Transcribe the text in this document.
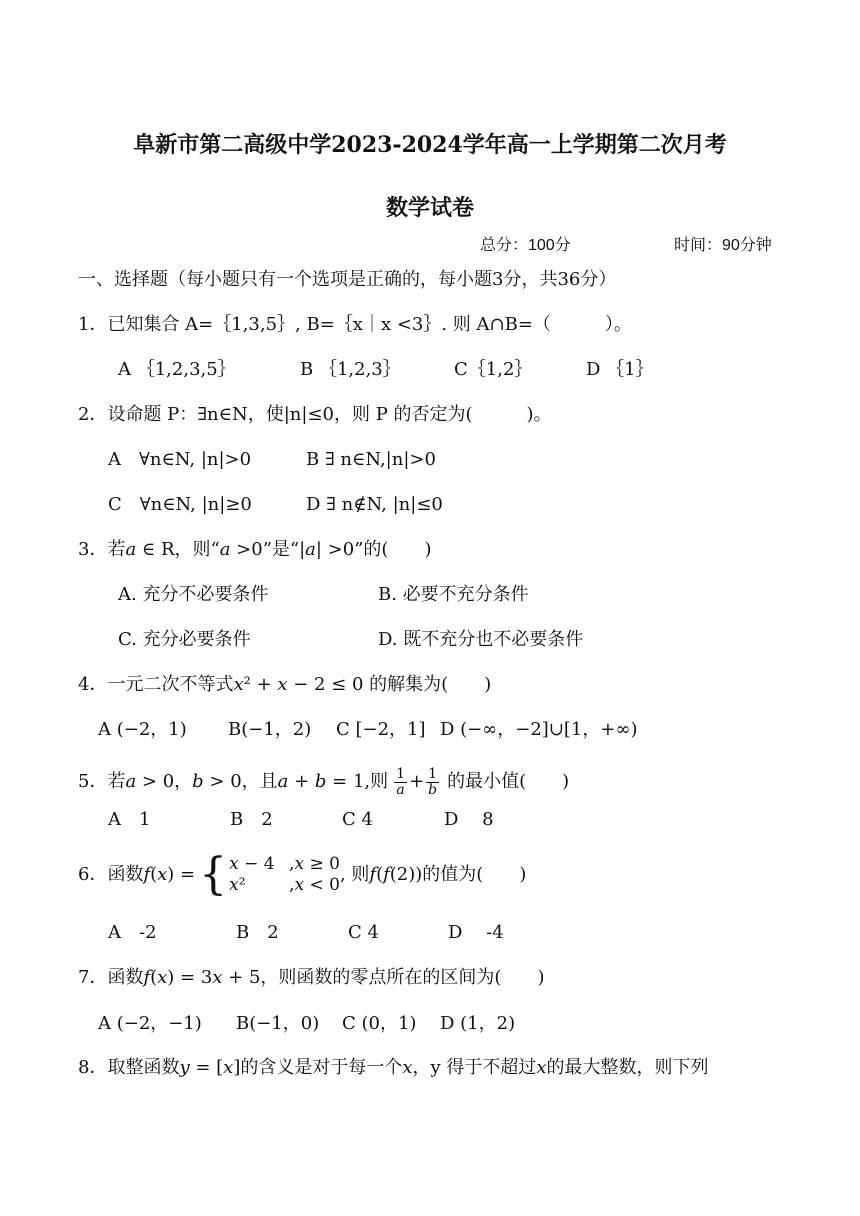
阜新市第二高级中学2023-2024学年高一上学期第二次月考
数学试卷
总分：100分	时间：90分钟
一、选择题（每小题只有一个选项是正确的，每小题3分，共36分）
1．已知集合 A=｛1,3,5｝, B=｛x｜x <3｝. 则 A∩B=（　　　）。
A ｛1,2,3,5｝	B ｛1,2,3｝	C｛1,2｝	D ｛1｝
2．设命题 P：∃n∈N，使|n|≤0，则 P 的否定为(　　　)。
A　∀n∈N, |n|>0	B ∃ n∈N,|n|>0
C　∀n∈N, |n|≥0	D ∃ n∉N, |n|≤0
3．若𝑎 ∈ R，则“𝑎 >0”是“|𝑎| >0”的(　　)
A. 充分不必要条件	B. 必要不充分条件
C. 充分必要条件	D. 既不充分也不必要条件
4．一元二次不等式𝑥² + 𝑥 − 2 ≤ 0 的解集为(　　)
A (−2，1) B(−1，2) C [−2，1] D (−∞，−2]∪[1，+∞)
5．若𝑎 > 0，𝑏 > 0，且𝑎 + 𝑏 = 1,则 $\frac{1}{\text{𝑎}} + \frac{1}{\text{𝑏}}$ 的最小值(　　)
A　1	B　2	C 4	D　 8
6．函数𝑓(𝑥) = { 𝑥 − 4 ,𝑥 ≥ 0
𝑥²	,𝑥 < 0 , 则𝑓(𝑓(2))的值为(　　)
A　-2	B　2	C 4	D　 -4
7．函数𝑓(𝑥) = 3𝑥 + 5，则函数的零点所在的区间为(　　)
A (−2，−1) B(−1，0) C (0，1) D (1，2)
8．取整函数𝑦 = [𝑥]的含义是对于每一个𝑥，y 得于不超过𝑥的最大整数，则下列
